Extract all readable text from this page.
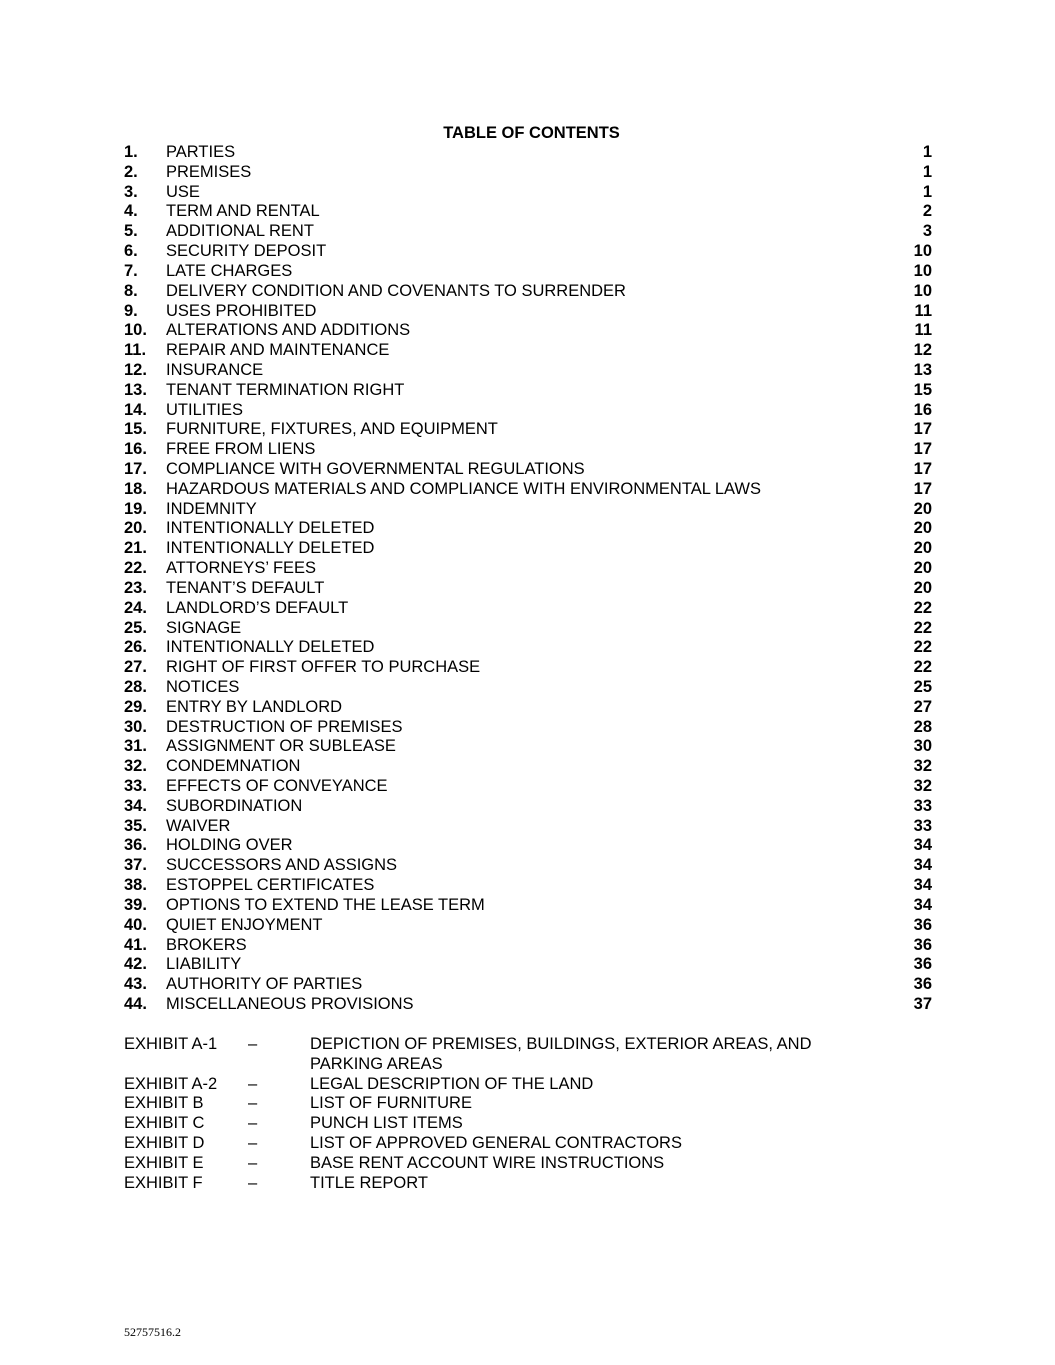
TABLE OF CONTENTS
1.	PARTIES	1
2.	PREMISES	1
3.	USE	1
4.	TERM AND RENTAL	2
5.	ADDITIONAL RENT	3
6.	SECURITY DEPOSIT	10
7.	LATE CHARGES	10
8.	DELIVERY CONDITION AND COVENANTS TO SURRENDER	10
9.	USES PROHIBITED	11
10.	ALTERATIONS AND ADDITIONS	11
11.	REPAIR AND MAINTENANCE	12
12.	INSURANCE	13
13.	TENANT TERMINATION RIGHT	15
14.	UTILITIES	16
15.	FURNITURE, FIXTURES, AND EQUIPMENT	17
16.	FREE FROM LIENS	17
17.	COMPLIANCE WITH GOVERNMENTAL REGULATIONS	17
18.	HAZARDOUS MATERIALS AND COMPLIANCE WITH ENVIRONMENTAL LAWS	17
19.	INDEMNITY	20
20.	INTENTIONALLY DELETED	20
21.	INTENTIONALLY DELETED	20
22.	ATTORNEYS’ FEES	20
23.	TENANT’S DEFAULT	20
24.	LANDLORD’S DEFAULT	22
25.	SIGNAGE	22
26.	INTENTIONALLY DELETED	22
27.	RIGHT OF FIRST OFFER TO PURCHASE	22
28.	NOTICES	25
29.	ENTRY BY LANDLORD	27
30.	DESTRUCTION OF PREMISES	28
31.	ASSIGNMENT OR SUBLEASE	30
32.	CONDEMNATION	32
33.	EFFECTS OF CONVEYANCE	32
34.	SUBORDINATION	33
35.	WAIVER	33
36.	HOLDING OVER	34
37.	SUCCESSORS AND ASSIGNS	34
38.	ESTOPPEL CERTIFICATES	34
39.	OPTIONS TO EXTEND THE LEASE TERM	34
40.	QUIET ENJOYMENT	36
41.	BROKERS	36
42.	LIABILITY	36
43.	AUTHORITY OF PARTIES	36
44.	MISCELLANEOUS PROVISIONS	37
EXHIBIT A-1	–	DEPICTION OF PREMISES, BUILDINGS, EXTERIOR AREAS, AND PARKING AREAS
EXHIBIT A-2	–	LEGAL DESCRIPTION OF THE LAND
EXHIBIT B	–	LIST OF FURNITURE
EXHIBIT C	–	PUNCH LIST ITEMS
EXHIBIT D	–	LIST OF APPROVED GENERAL CONTRACTORS
EXHIBIT E	–	BASE RENT ACCOUNT WIRE INSTRUCTIONS
EXHIBIT F	–	TITLE REPORT
52757516.2
